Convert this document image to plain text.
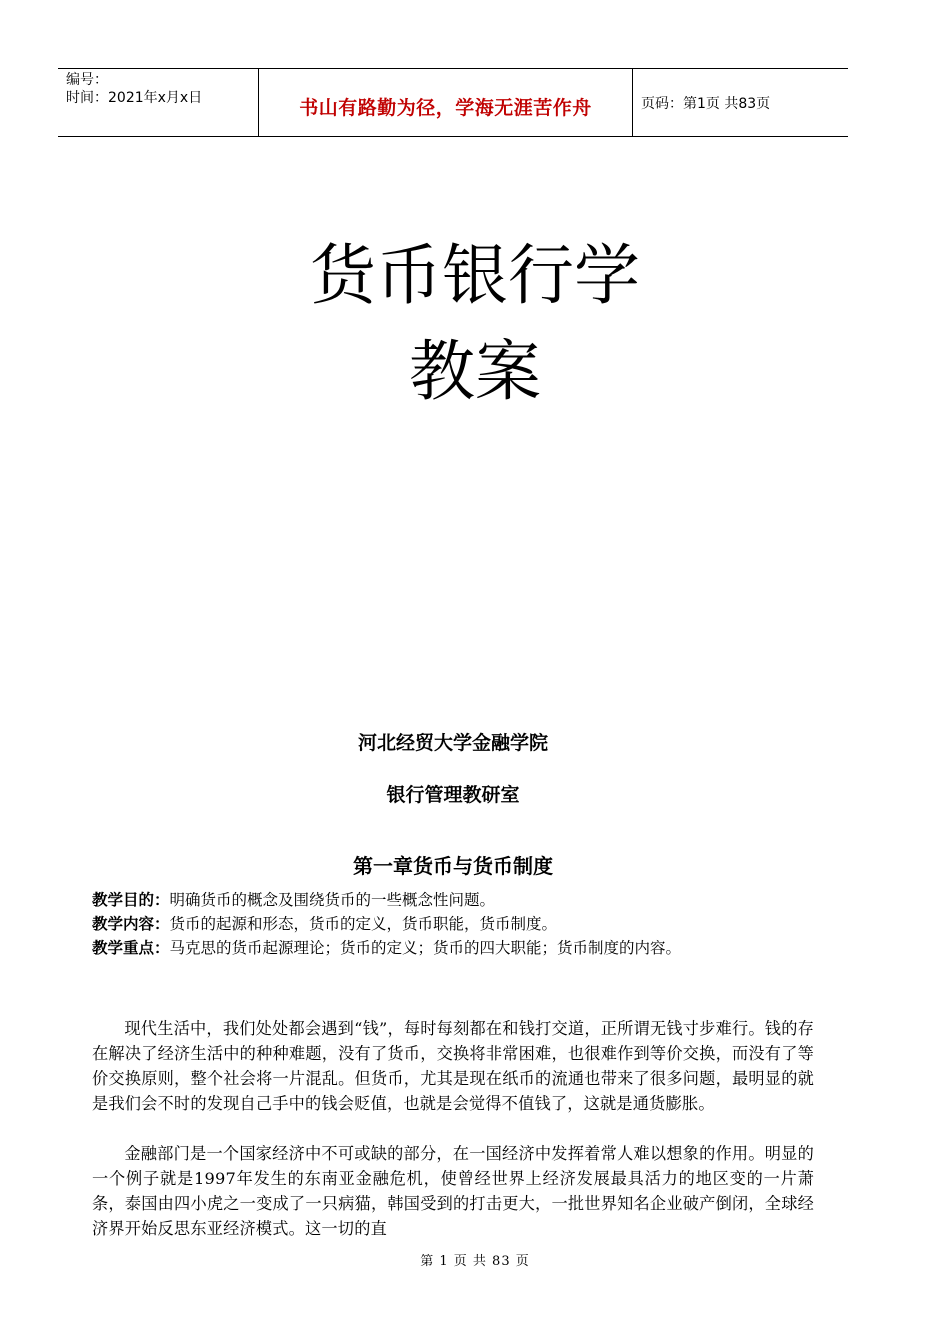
编号：
时间：2021年x月x日	书山有路勤为径，学海无涯苦作舟	页码：第1页 共83页
货币银行学
教案
河北经贸大学金融学院
银行管理教研室
第一章货币与货币制度
教学目的：明确货币的概念及围绕货币的一些概念性问题。
教学内容：货币的起源和形态，货币的定义，货币职能，货币制度。
教学重点：马克思的货币起源理论；货币的定义；货币的四大职能；货币制度的内容。

现代生活中，我们处处都会遇到“钱”，每时每刻都在和钱打交道，正所谓无钱寸步难行。钱的存在解决了经济生活中的种种难题，没有了货币，交换将非常困难，也很难作到等价交换，而没有了等价交换原则，整个社会将一片混乱。但货币，尤其是现在纸币的流通也带来了很多问题，最明显的就是我们会不时的发现自己手中的钱会贬值，也就是会觉得不值钱了，这就是通货膨胀。

金融部门是一个国家经济中不可或缺的部分，在一国经济中发挥着常人难以想象的作用。明显的一个例子就是1997年发生的东南亚金融危机，使曾经世界上经济发展最具活力的地区变的一片萧条，泰国由四小虎之一变成了一只病猫，韩国受到的打击更大，一批世界知名企业破产倒闭，全球经济界开始反思东亚经济模式。这一切的直

第 1 页 共 83 页
